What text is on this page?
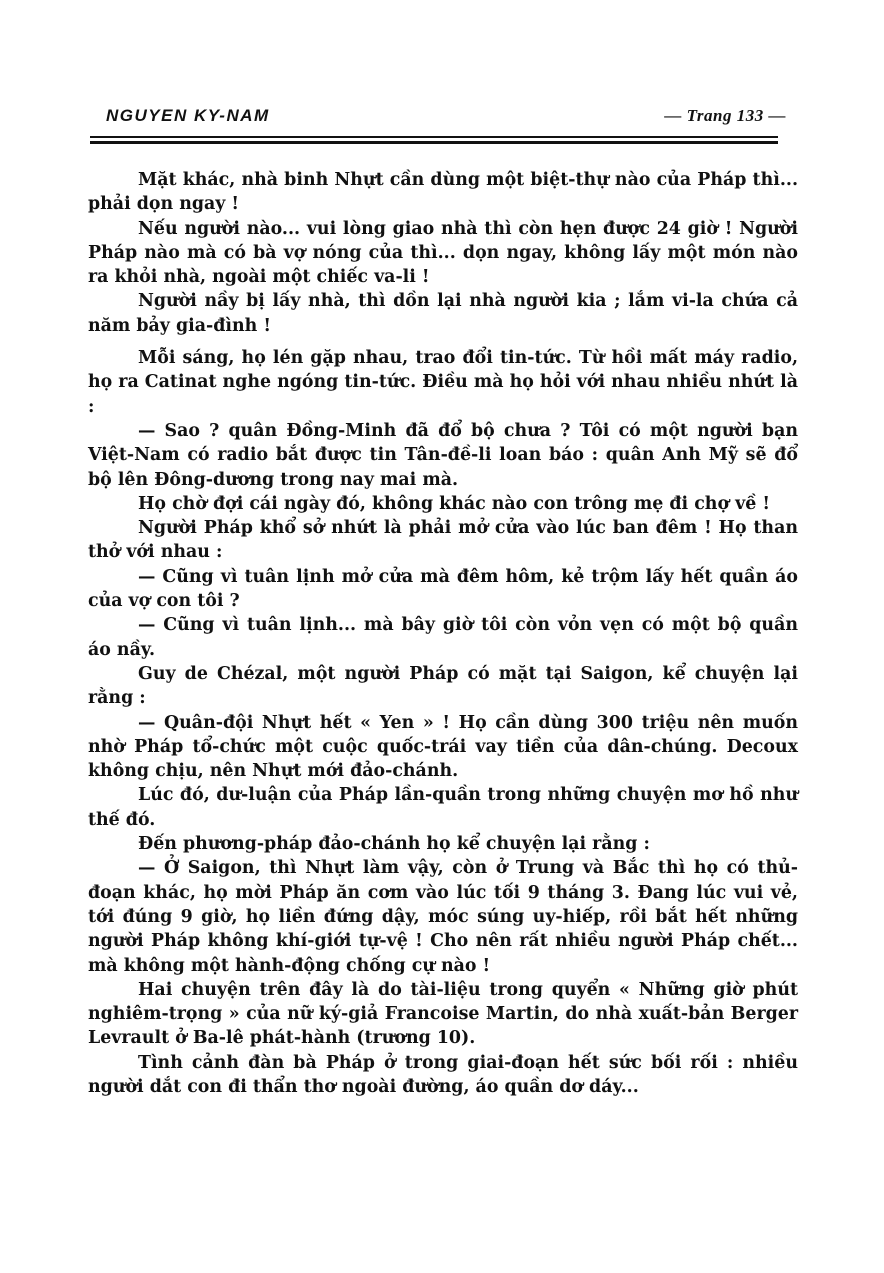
NGUYEN KY-NAM	— Trang 133 —

Mặt khác, nhà binh Nhựt cần dùng một biệt-thự nào của Pháp thì... phải dọn ngay !

Nếu người nào... vui lòng giao nhà thì còn hẹn được 24 giờ ! Người Pháp nào mà có bà vợ nóng của thì... dọn ngay, không lấy một món nào ra khỏi nhà, ngoài một chiếc va-li !

Người nầy bị lấy nhà, thì dồn lại nhà người kia ; lắm vi-la chứa cả năm bảy gia-đình !

Mỗi sáng, họ lén gặp nhau, trao đổi tin-tức. Từ hồi mất máy radio, họ ra Catinat nghe ngóng tin-tức. Điều mà họ hỏi với nhau nhiều nhứt là :

— Sao ? quân Đồng-Minh đã đổ bộ chưa ? Tôi có một người bạn Việt-Nam có radio bắt được tin Tân-đề-li loan báo : quân Anh Mỹ sẽ đổ bộ lên Đông-dương trong nay mai mà.

Họ chờ đợi cái ngày đó, không khác nào con trông mẹ đi chợ về !

Người Pháp khổ sở nhứt là phải mở cửa vào lúc ban đêm ! Họ than thở với nhau :

— Cũng vì tuân lịnh mở cửa mà đêm hôm, kẻ trộm lấy hết quần áo của vợ con tôi ?

— Cũng vì tuân lịnh... mà bây giờ tôi còn vỏn vẹn có một bộ quần áo nầy.

Guy de Chézal, một người Pháp có mặt tại Saigon, kể chuyện lại rằng :

— Quân-đội Nhựt hết « Yen » ! Họ cần dùng 300 triệu nên muốn nhờ Pháp tổ-chức một cuộc quốc-trái vay tiền của dân-chúng. Decoux không chịu, nên Nhựt mới đảo-chánh.

Lúc đó, dư-luận của Pháp lần-quần trong những chuyện mơ hồ như thế đó.

Đến phương-pháp đảo-chánh họ kể chuyện lại rằng :

— Ở Saigon, thì Nhựt làm vậy, còn ở Trung và Bắc thì họ có thủ-đoạn khác, họ mời Pháp ăn cơm vào lúc tối 9 tháng 3. Đang lúc vui vẻ, tới đúng 9 giờ, họ liền đứng dậy, móc súng uy-hiếp, rồi bắt hết những người Pháp không khí-giới tự-vệ ! Cho nên rất nhiều người Pháp chết... mà không một hành-động chống cự nào !

Hai chuyện trên đây là do tài-liệu trong quyển « Những giờ phút nghiêm-trọng » của nữ ký-giả Francoise Martin, do nhà xuất-bản Berger Levrault ở Ba-lê phát-hành (trương 10).

Tình cảnh đàn bà Pháp ở trong giai-đoạn hết sức bối rối : nhiều người dắt con đi thẩn thơ ngoài đường, áo quần dơ dáy...
